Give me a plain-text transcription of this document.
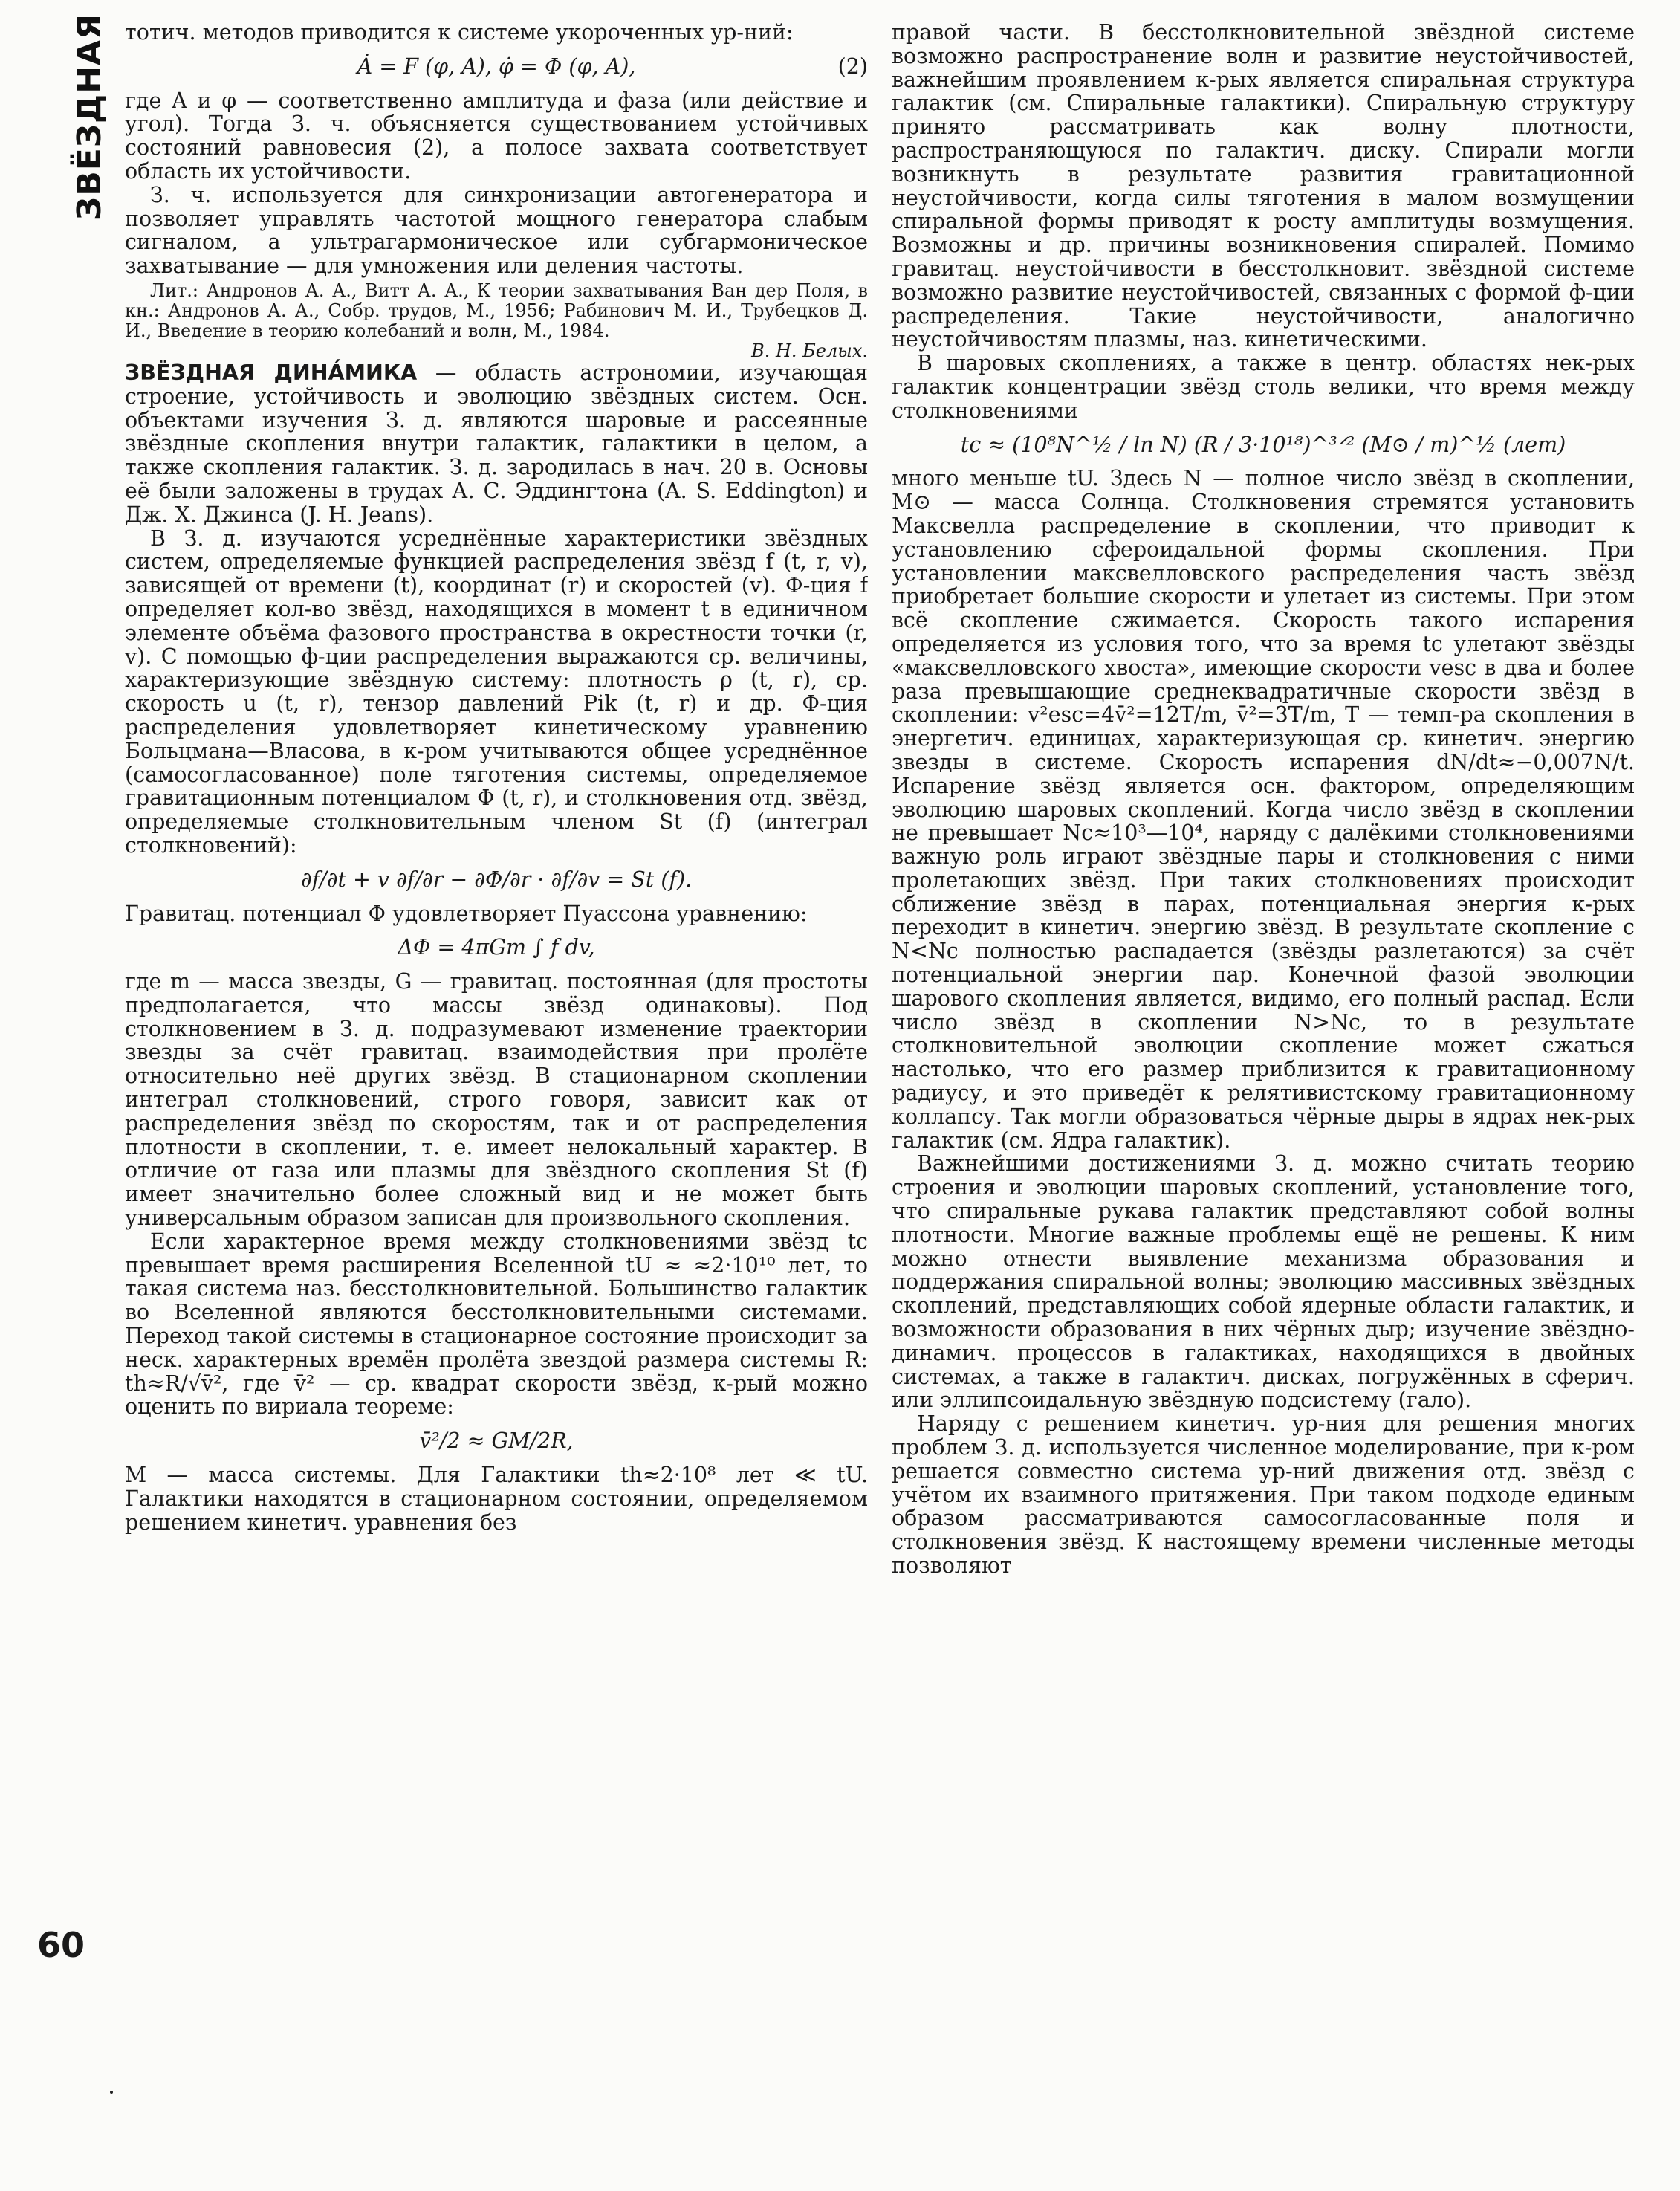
ЗВЁЗДНАЯ
60

тотич. методов приводится к системе укороченных ур-ний:

Ȧ = F (φ, A), φ̇ = Φ (φ, A),	(2)

где A и φ — соответственно амплитуда и фаза (или действие и угол). Тогда З. ч. объясняется существованием устойчивых состояний равновесия (2), а полосе захвата соответствует область их устойчивости.

З. ч. используется для синхронизации автогенератора и позволяет управлять частотой мощного генератора слабым сигналом, а ультрагармоническое или субгармоническое захватывание — для умножения или деления частоты.

Лит.: Андронов А. А., Витт А. А., К теории захватывания Ван дер Поля, в кн.: Андронов А. А., Собр. трудов, М., 1956; Рабинович М. И., Трубецков Д. И., Введение в теорию колебаний и волн, М., 1984.

В. Н. Белых.

ЗВЁЗДНАЯ ДИНА́МИКА — область астрономии, изучающая строение, устойчивость и эволюцию звёздных систем. Осн. объектами изучения З. д. являются шаровые и рассеянные звёздные скопления внутри галактик, галактики в целом, а также скопления галактик. З. д. зародилась в нач. 20 в. Основы её были заложены в трудах А. С. Эддингтона (A. S. Eddington) и Дж. Х. Джинса (J. H. Jeans).

В З. д. изучаются усреднённые характеристики звёздных систем, определяемые функцией распределения звёзд f (t, r, v), зависящей от времени (t), координат (r) и скоростей (v). Ф-ция f определяет кол-во звёзд, находящихся в момент t в единичном элементе объёма фазового пространства в окрестности точки (r, v). С помощью ф-ции распределения выражаются ср. величины, характеризующие звёздную систему: плотность ρ (t, r), ср. скорость u (t, r), тензор давлений Pik (t, r) и др. Ф-ция распределения удовлетворяет кинетическому уравнению Больцмана—Власова, в к-ром учитываются общее усреднённое (самосогласованное) поле тяготения системы, определяемое гравитационным потенциалом Φ (t, r), и столкновения отд. звёзд, определяемые столкновительным членом St (f) (интеграл столкновений):

∂f/∂t + v ∂f/∂r − ∂Φ/∂r · ∂f/∂v = St (f).

Гравитац. потенциал Φ удовлетворяет Пуассона уравнению:

ΔΦ = 4πGm ∫ f dv,

где m — масса звезды, G — гравитац. постоянная (для простоты предполагается, что массы звёзд одинаковы). Под столкновением в З. д. подразумевают изменение траектории звезды за счёт гравитац. взаимодействия при пролёте относительно неё других звёзд. В стационарном скоплении интеграл столкновений, строго говоря, зависит как от распределения звёзд по скоростям, так и от распределения плотности в скоплении, т. е. имеет нелокальный характер. В отличие от газа или плазмы для звёздного скопления St (f) имеет значительно более сложный вид и не может быть универсальным образом записан для произвольного скопления.

Если характерное время между столкновениями звёзд tc превышает время расширения Вселенной tU ≈ ≈2·10¹⁰ лет, то такая система наз. бесстолкновительной. Большинство галактик во Вселенной являются бесстолкновительными системами. Переход такой системы в стационарное состояние происходит за неск. характерных времён пролёта звездой размера системы R: th≈R/√v̄², где v̄² — ср. квадрат скорости звёзд, к-рый можно оценить по вириала теореме:

v̄²/2 ≈ GM/2R,

M — масса системы. Для Галактики th≈2·10⁸ лет ≪ tU. Галактики находятся в стационарном состоянии, определяемом решением кинетич. уравнения без

правой части. В бесстолкновительной звёздной системе возможно распространение волн и развитие неустойчивостей, важнейшим проявлением к-рых является спиральная структура галактик (см. Спиральные галактики). Спиральную структуру принято рассматривать как волну плотности, распространяющуюся по галактич. диску. Спирали могли возникнуть в результате развития гравитационной неустойчивости, когда силы тяготения в малом возмущении спиральной формы приводят к росту амплитуды возмущения. Возможны и др. причины возникновения спиралей. Помимо гравитац. неустойчивости в бесстолкновит. звёздной системе возможно развитие неустойчивостей, связанных с формой ф-ции распределения. Такие неустойчивости, аналогично неустойчивостям плазмы, наз. кинетическими.

В шаровых скоплениях, а также в центр. областях нек-рых галактик концентрации звёзд столь велики, что время между столкновениями

tc ≈ (10⁸N^½ / ln N) (R / 3·10¹⁸)^³ᐟ² (M⊙ / m)^½ (лет)

много меньше tU. Здесь N — полное число звёзд в скоплении, M⊙ — масса Солнца. Столкновения стремятся установить Максвелла распределение в скоплении, что приводит к установлению сфероидальной формы скопления. При установлении максвелловского распределения часть звёзд приобретает большие скорости и улетает из системы. При этом всё скопление сжимается. Скорость такого испарения определяется из условия того, что за время tc улетают звёзды «максвелловского хвоста», имеющие скорости vesc в два и более раза превышающие среднеквадратичные скорости звёзд в скоплении: v²esc=4v̄²=12T/m, v̄²=3T/m, T — темп-ра скопления в энергетич. единицах, характеризующая ср. кинетич. энергию звезды в системе. Скорость испарения dN/dt≈−0,007N/t. Испарение звёзд является осн. фактором, определяющим эволюцию шаровых скоплений. Когда число звёзд в скоплении не превышает Nc≈10³—10⁴, наряду с далёкими столкновениями важную роль играют звёздные пары и столкновения с ними пролетающих звёзд. При таких столкновениях происходит сближение звёзд в парах, потенциальная энергия к-рых переходит в кинетич. энергию звёзд. В результате скопление с N<Nc полностью распадается (звёзды разлетаются) за счёт потенциальной энергии пар. Конечной фазой эволюции шарового скопления является, видимо, его полный распад. Если число звёзд в скоплении N>Nc, то в результате столкновительной эволюции скопление может сжаться настолько, что его размер приблизится к гравитационному радиусу, и это приведёт к релятивистскому гравитационному коллапсу. Так могли образоваться чёрные дыры в ядрах нек-рых галактик (см. Ядра галактик).

Важнейшими достижениями З. д. можно считать теорию строения и эволюции шаровых скоплений, установление того, что спиральные рукава галактик представляют собой волны плотности. Многие важные проблемы ещё не решены. К ним можно отнести выявление механизма образования и поддержания спиральной волны; эволюцию массивных звёздных скоплений, представляющих собой ядерные области галактик, и возможности образования в них чёрных дыр; изучение звёздно-динамич. процессов в галактиках, находящихся в двойных системах, а также в галактич. дисках, погружённых в сферич. или эллипсоидальную звёздную подсистему (гало).

Наряду с решением кинетич. ур-ния для решения многих проблем З. д. используется численное моделирование, при к-ром решается совместно система ур-ний движения отд. звёзд с учётом их взаимного притяжения. При таком подходе единым образом рассматриваются самосогласованные поля и столкновения звёзд. К настоящему времени численные методы позволяют
